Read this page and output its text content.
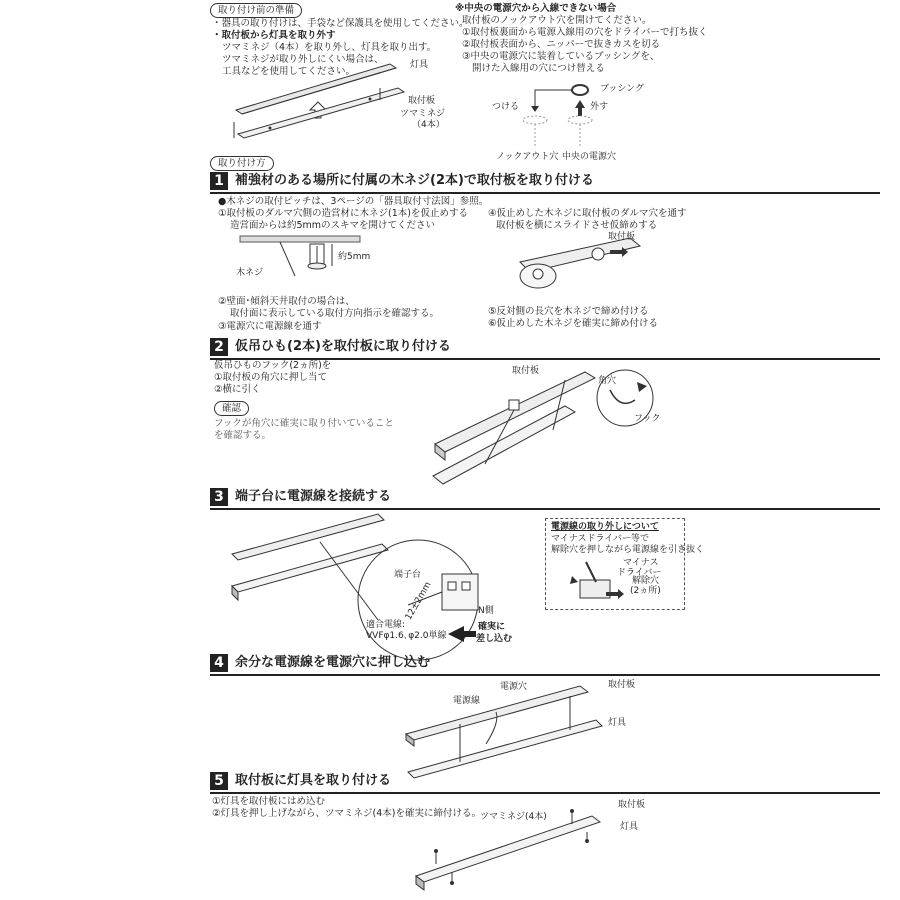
取り付け前の準備
・器具の取り付けは、手袋など保護具を使用してください。
・取付板から灯具を取り外す
ツマミネジ（4本）を取り外し、灯具を取り出す。
ツマミネジが取り外しにくい場合は、
工具などを使用してください。
灯具
取付板
ツマミネジ
（4本）
※中央の電源穴から入線できない場合
取付板のノックアウト穴を開けてください。
①取付板裏面から電源入線用の穴をドライバーで打ち抜く
②取付板表面から、ニッパーで抜きカスを切る
③中央の電源穴に装着しているブッシングを、
開けた入線用の穴につけ替える
ブッシング
つける	外す
ノックアウト穴 中央の電源穴
取り付け方
1 補強材のある場所に付属の木ネジ(2本)で取付板を取り付ける
●木ネジの取付ピッチは、3ページの「器具取付寸法図」参照。
①取付板のダルマ穴側の造営材に木ネジ(1本)を仮止めする
造営面からは約5mmのスキマを開けてください
木ネジ
約5mm
②壁面･傾斜天井取付の場合は、
取付面に表示している取付方向指示を確認する。
③電源穴に電源線を通す
④仮止めした木ネジに取付板のダルマ穴を通す
取付板を横にスライドさせ仮締めする
取付板
⑤反対側の長穴を木ネジで締め付ける
⑥仮止めした木ネジを確実に締め付ける
2 仮吊ひも(2本)を取付板に取り付ける
仮吊ひものフック(2ヵ所)を
①取付板の角穴に押し当て
②横に引く
確認
フックが角穴に確実に取り付いていること
を確認する。
取付板
角穴
フック
3 端子台に電源線を接続する
端子台
12±2mm	N側
適合電線:
VVFφ1.6､φ2.0単線
確実に
差し込む
電源線の取り外しについて
マイナスドライバー等で
解除穴を押しながら電源線を引き抜く
マイナス
ドライバー
解除穴
(2ヵ所)
4 余分な電源線を電源穴に押し込む
電源穴	取付板
電源線
灯具
5 取付板に灯具を取り付ける
①灯具を取付板にはめ込む
②灯具を押し上げながら、ツマミネジ(4本)を確実に締付ける。
取付板
ツマミネジ(4本)
灯具
